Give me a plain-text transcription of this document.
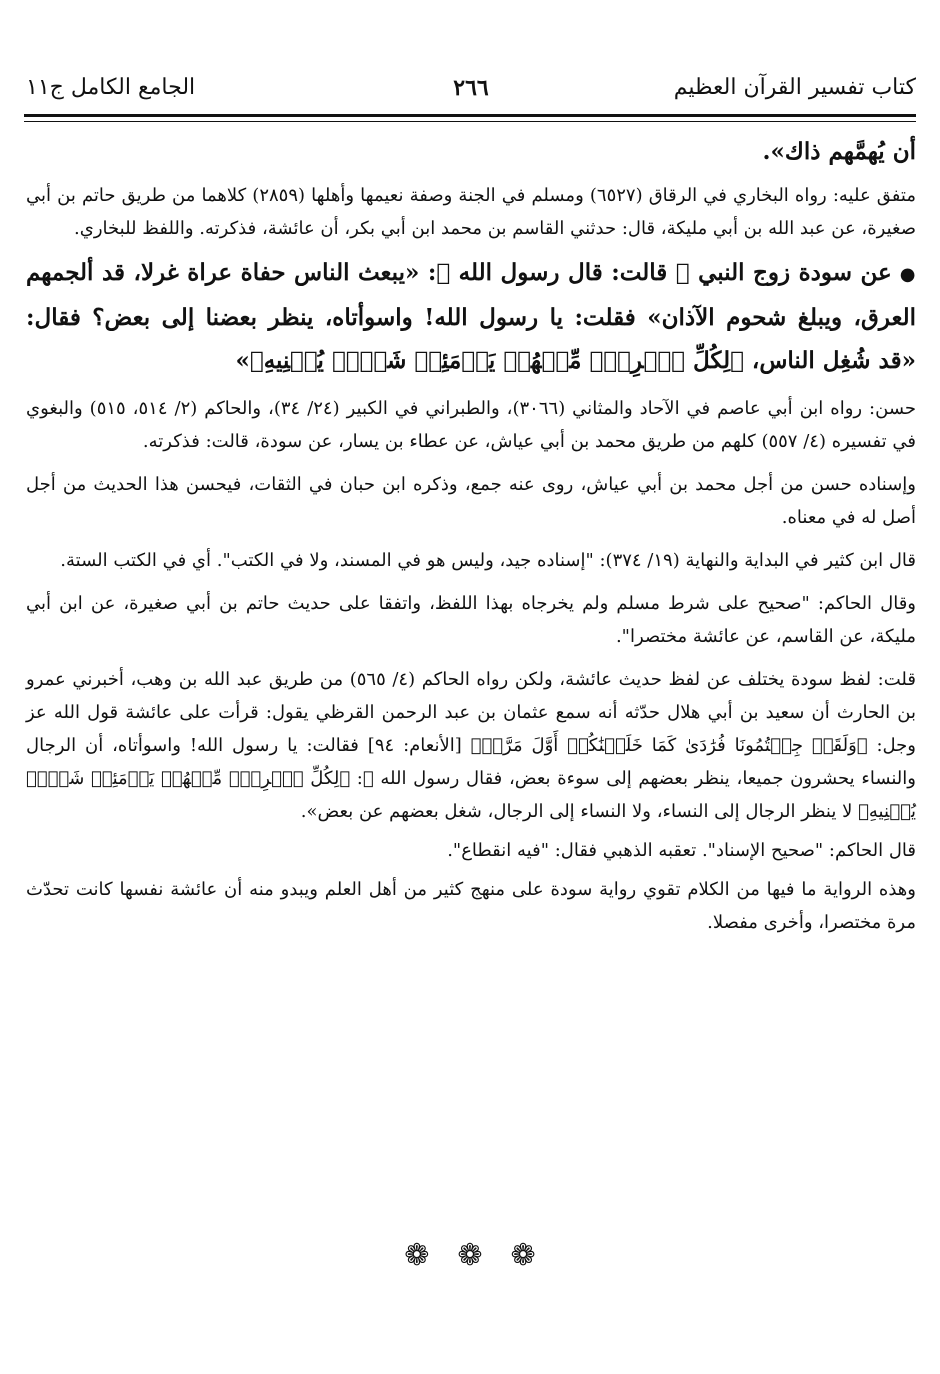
كتاب تفسير القرآن العظيم
٢٦٦
الجامع الكامل ج١١

أن يُهمَّهم ذاك».

متفق عليه: رواه البخاري في الرقاق (٦٥٢٧) ومسلم في الجنة وصفة نعيمها وأهلها (٢٨٥٩) كلاهما من طريق حاتم بن أبي صغيرة، عن عبد الله بن أبي مليكة، قال: حدثني القاسم بن محمد ابن أبي بكر، أن عائشة، فذكرته. واللفظ للبخاري.

●عن سودة زوج النبي ﷺ قالت: قال رسول الله ﷺ: «يبعث الناس حفاة عراة غرلا، قد ألجمهم العرق، ويبلغ شحوم الآذان» فقلت: يا رسول الله! واسوأتاه، ينظر بعضنا إلى بعض؟ فقال: «قد شُغِل الناس، ﴿لِكُلِّ ٱمۡرِيٕٖ مِّنۡهُمۡ يَوۡمَئِذٖ شَأۡنٞ يُغۡنِيهِ﴾»

حسن: رواه ابن أبي عاصم في الآحاد والمثاني (٣٠٦٦)، والطبراني في الكبير (٢٤/ ٣٤)، والحاكم (٢/ ٥١٤، ٥١٥) والبغوي في تفسيره (٤/ ٥٥٧) كلهم من طريق محمد بن أبي عياش، عن عطاء بن يسار، عن سودة، قالت: فذكرته.

وإسناده حسن من أجل محمد بن أبي عياش، روى عنه جمع، وذكره ابن حبان في الثقات، فيحسن هذا الحديث من أجل أصل له في معناه.

قال ابن كثير في البداية والنهاية (١٩/ ٣٧٤): "إسناده جيد، وليس هو في المسند، ولا في الكتب". أي في الكتب الستة.

وقال الحاكم: "صحيح على شرط مسلم ولم يخرجاه بهذا اللفظ، واتفقا على حديث حاتم بن أبي صغيرة، عن ابن أبي مليكة، عن القاسم، عن عائشة مختصرا".

قلت: لفظ سودة يختلف عن لفظ حديث عائشة، ولكن رواه الحاكم (٤/ ٥٦٥) من طريق عبد الله بن وهب، أخبرني عمرو بن الحارث أن سعيد بن أبي هلال حدّثه أنه سمع عثمان بن عبد الرحمن القرظي يقول: قرأت على عائشة قول الله عز وجل: ﴿وَلَقَدۡ جِئۡتُمُونَا فُرَٰدَىٰ كَمَا خَلَقۡنَٰكُمۡ أَوَّلَ مَرَّةٖ﴾ [الأنعام: ٩٤] فقالت: يا رسول الله! واسوأتاه، أن الرجال والنساء يحشرون جميعا، ينظر بعضهم إلى سوءة بعض، فقال رسول الله ﷺ: ﴿لِكُلِّ ٱمۡرِيٕٖ مِّنۡهُمۡ يَوۡمَئِذٖ شَأۡنٞ يُغۡنِيهِ﴾ لا ينظر الرجال إلى النساء، ولا النساء إلى الرجال، شغل بعضهم عن بعض».

قال الحاكم: "صحيح الإسناد". تعقبه الذهبي فقال: "فيه انقطاع".

وهذه الرواية ما فيها من الكلام تقوي رواية سودة على منهج كثير من أهل العلم ويبدو منه أن عائشة نفسها كانت تحدّث مرة مختصرا، وأخرى مفصلا.

❁❁❁
